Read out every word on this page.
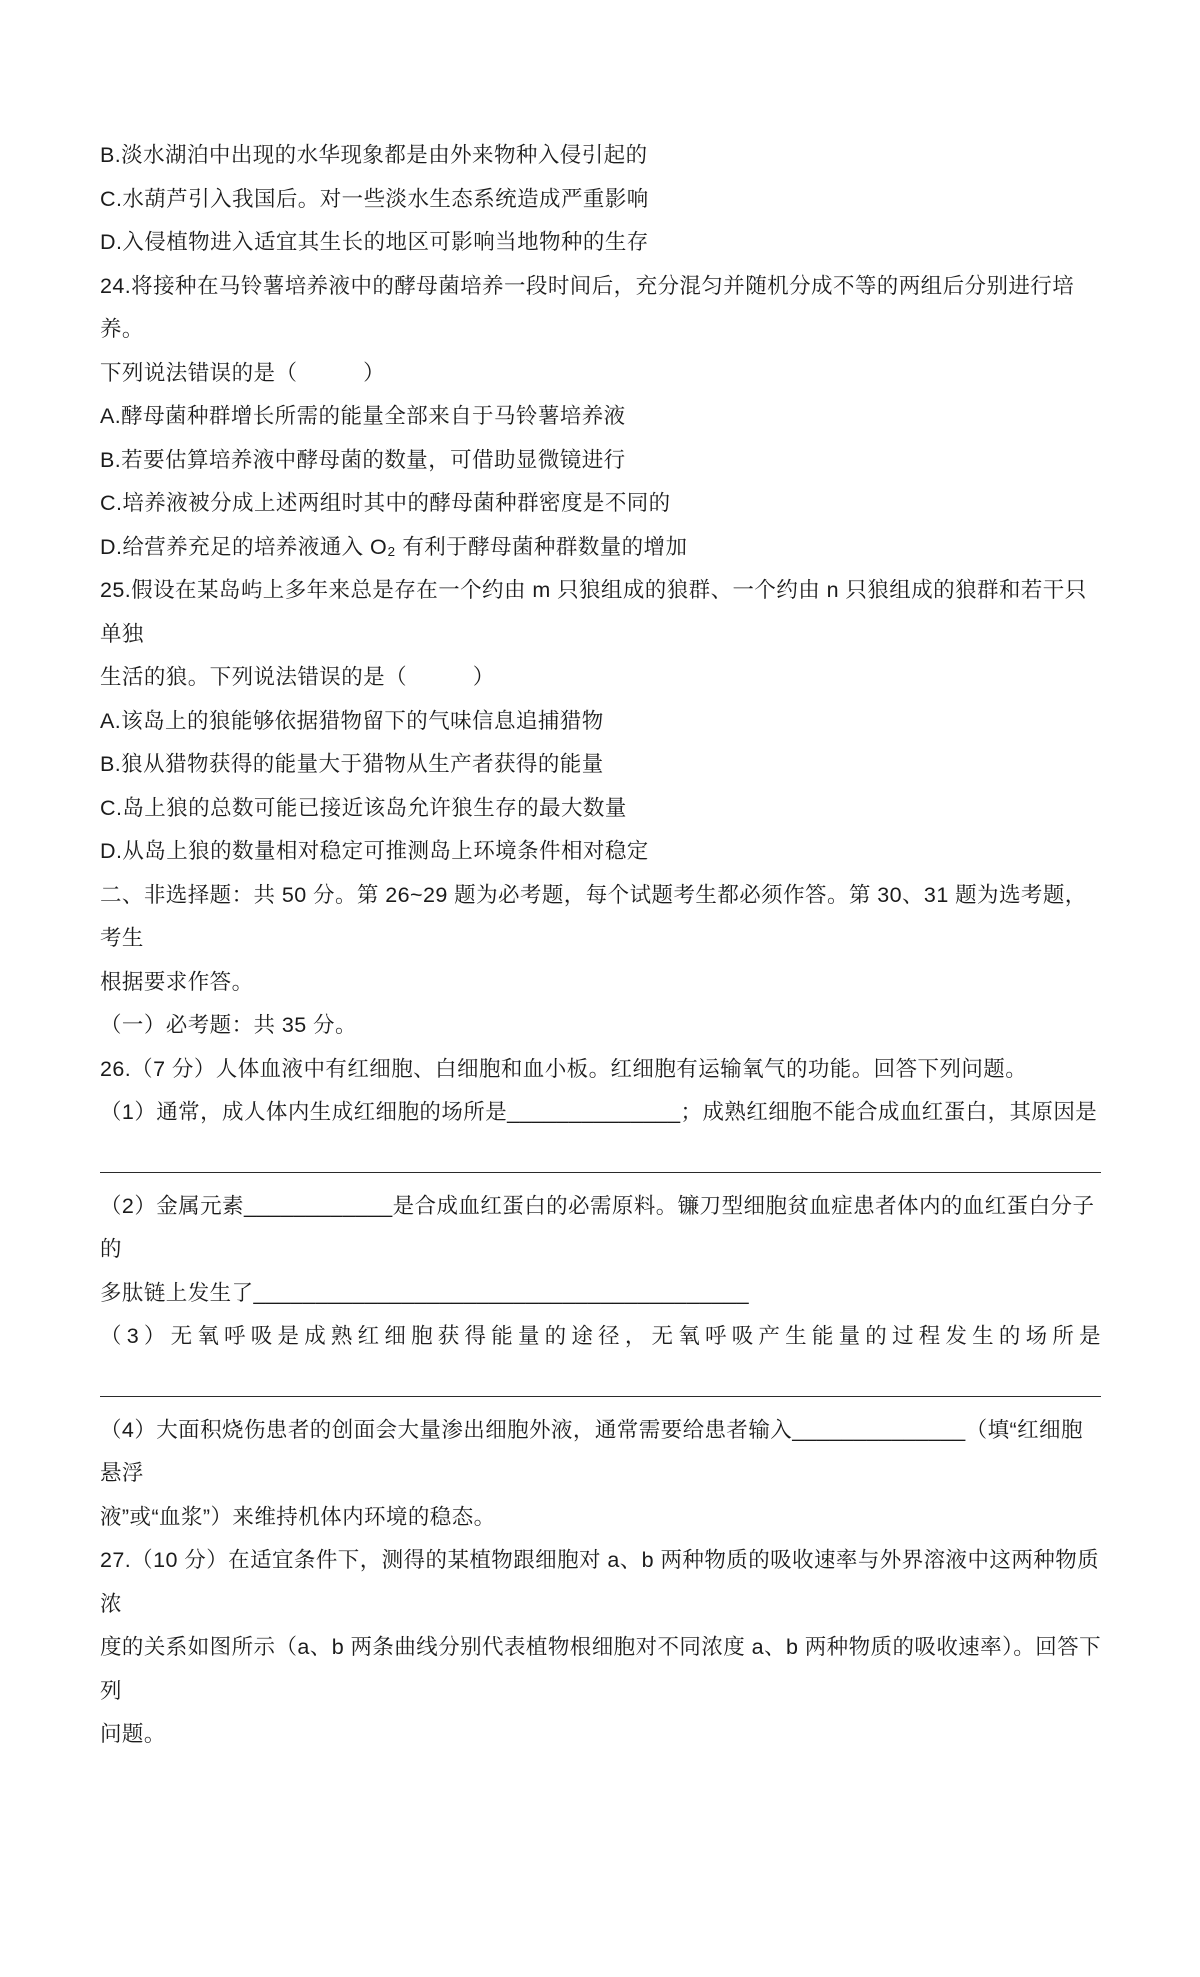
B.淡水湖泊中出现的水华现象都是由外来物种入侵引起的

C.水葫芦引入我国后。对一些淡水生态系统造成严重影响

D.入侵植物进入适宜其生长的地区可影响当地物种的生存

24.将接种在马铃薯培养液中的酵母菌培养一段时间后，充分混匀并随机分成不等的两组后分别进行培养。

下列说法错误的是（　　　）

A.酵母菌种群增长所需的能量全部来自于马铃薯培养液

B.若要估算培养液中酵母菌的数量，可借助显微镜进行

C.培养液被分成上述两组时其中的酵母菌种群密度是不同的

D.给营养充足的培养液通入 O₂ 有利于酵母菌种群数量的增加

25.假设在某岛屿上多年来总是存在一个约由 m 只狼组成的狼群、一个约由 n 只狼组成的狼群和若干只单独

生活的狼。下列说法错误的是（　　　）

A.该岛上的狼能够依据猎物留下的气味信息追捕猎物

B.狼从猎物获得的能量大于猎物从生产者获得的能量

C.岛上狼的总数可能已接近该岛允许狼生存的最大数量

D.从岛上狼的数量相对稳定可推测岛上环境条件相对稳定

二、非选择题：共 50 分。第 26~29 题为必考题，每个试题考生都必须作答。第 30、31 题为选考题，考生

根据要求作答。

（一）必考题：共 35 分。

26.（7 分）人体血液中有红细胞、白细胞和血小板。红细胞有运输氧气的功能。回答下列问题。

（1）通常，成人体内生成红细胞的场所是______________；成熟红细胞不能合成血红蛋白，其原因是

（2）金属元素____________是合成血红蛋白的必需原料。镰刀型细胞贫血症患者体内的血红蛋白分子的

多肽链上发生了________________________________________

（3）无氧呼吸是成熟红细胞获得能量的途径，无氧呼吸产生能量的过程发生的场所是

（4）大面积烧伤患者的创面会大量渗出细胞外液，通常需要给患者输入______________（填“红细胞悬浮

液”或“血浆”）来维持机体内环境的稳态。

27.（10 分）在适宜条件下，测得的某植物跟细胞对 a、b 两种物质的吸收速率与外界溶液中这两种物质浓

度的关系如图所示（a、b 两条曲线分别代表植物根细胞对不同浓度 a、b 两种物质的吸收速率）。回答下列

问题。
